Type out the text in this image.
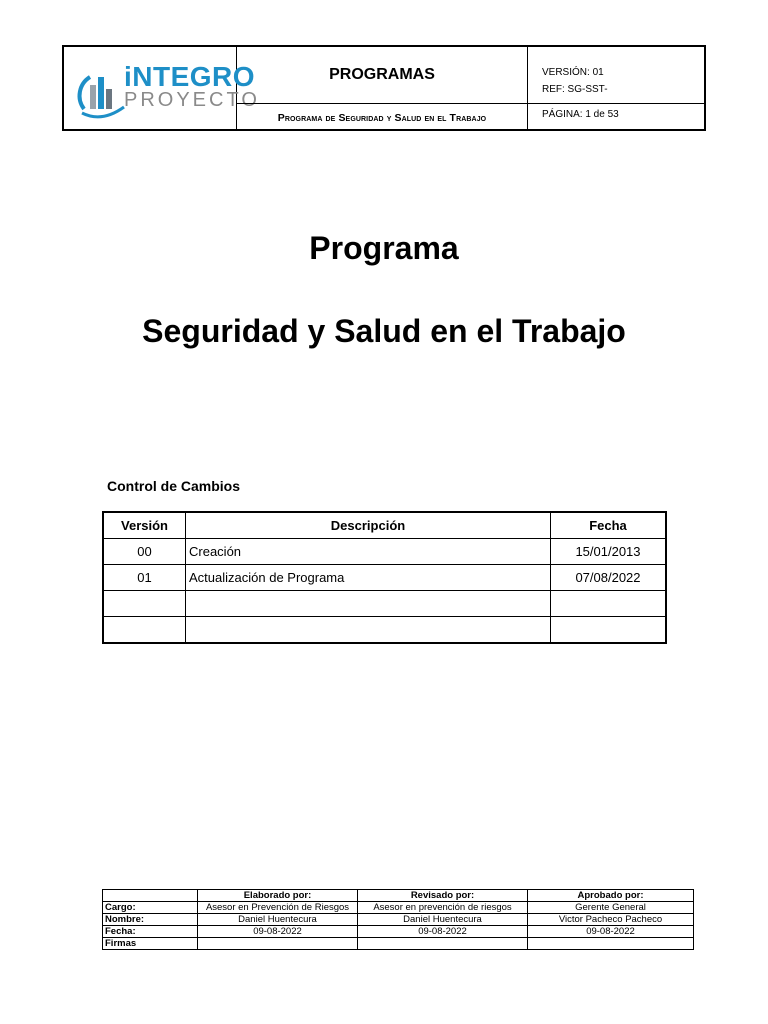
iNTEGRO
PROYECTO
PROGRAMAS
Programa de Seguridad y Salud en el Trabajo
VERSIÓN: 01
REF: SG-SST-
PÁGINA: 1 de 53
Programa
Seguridad y Salud en el Trabajo
Control de Cambios
Versión	Descripción	Fecha
00	Creación	15/01/2013
01	Actualización de Programa	07/08/2022

	Elaborado por:	Revisado por:	Aprobado por:
Cargo:	Asesor en Prevención de Riesgos	Asesor en prevención de riesgos	Gerente General
Nombre:	Daniel Huentecura	Daniel Huentecura	Victor Pacheco Pacheco
Fecha:	09-08-2022	09-08-2022	09-08-2022
Firmas			
